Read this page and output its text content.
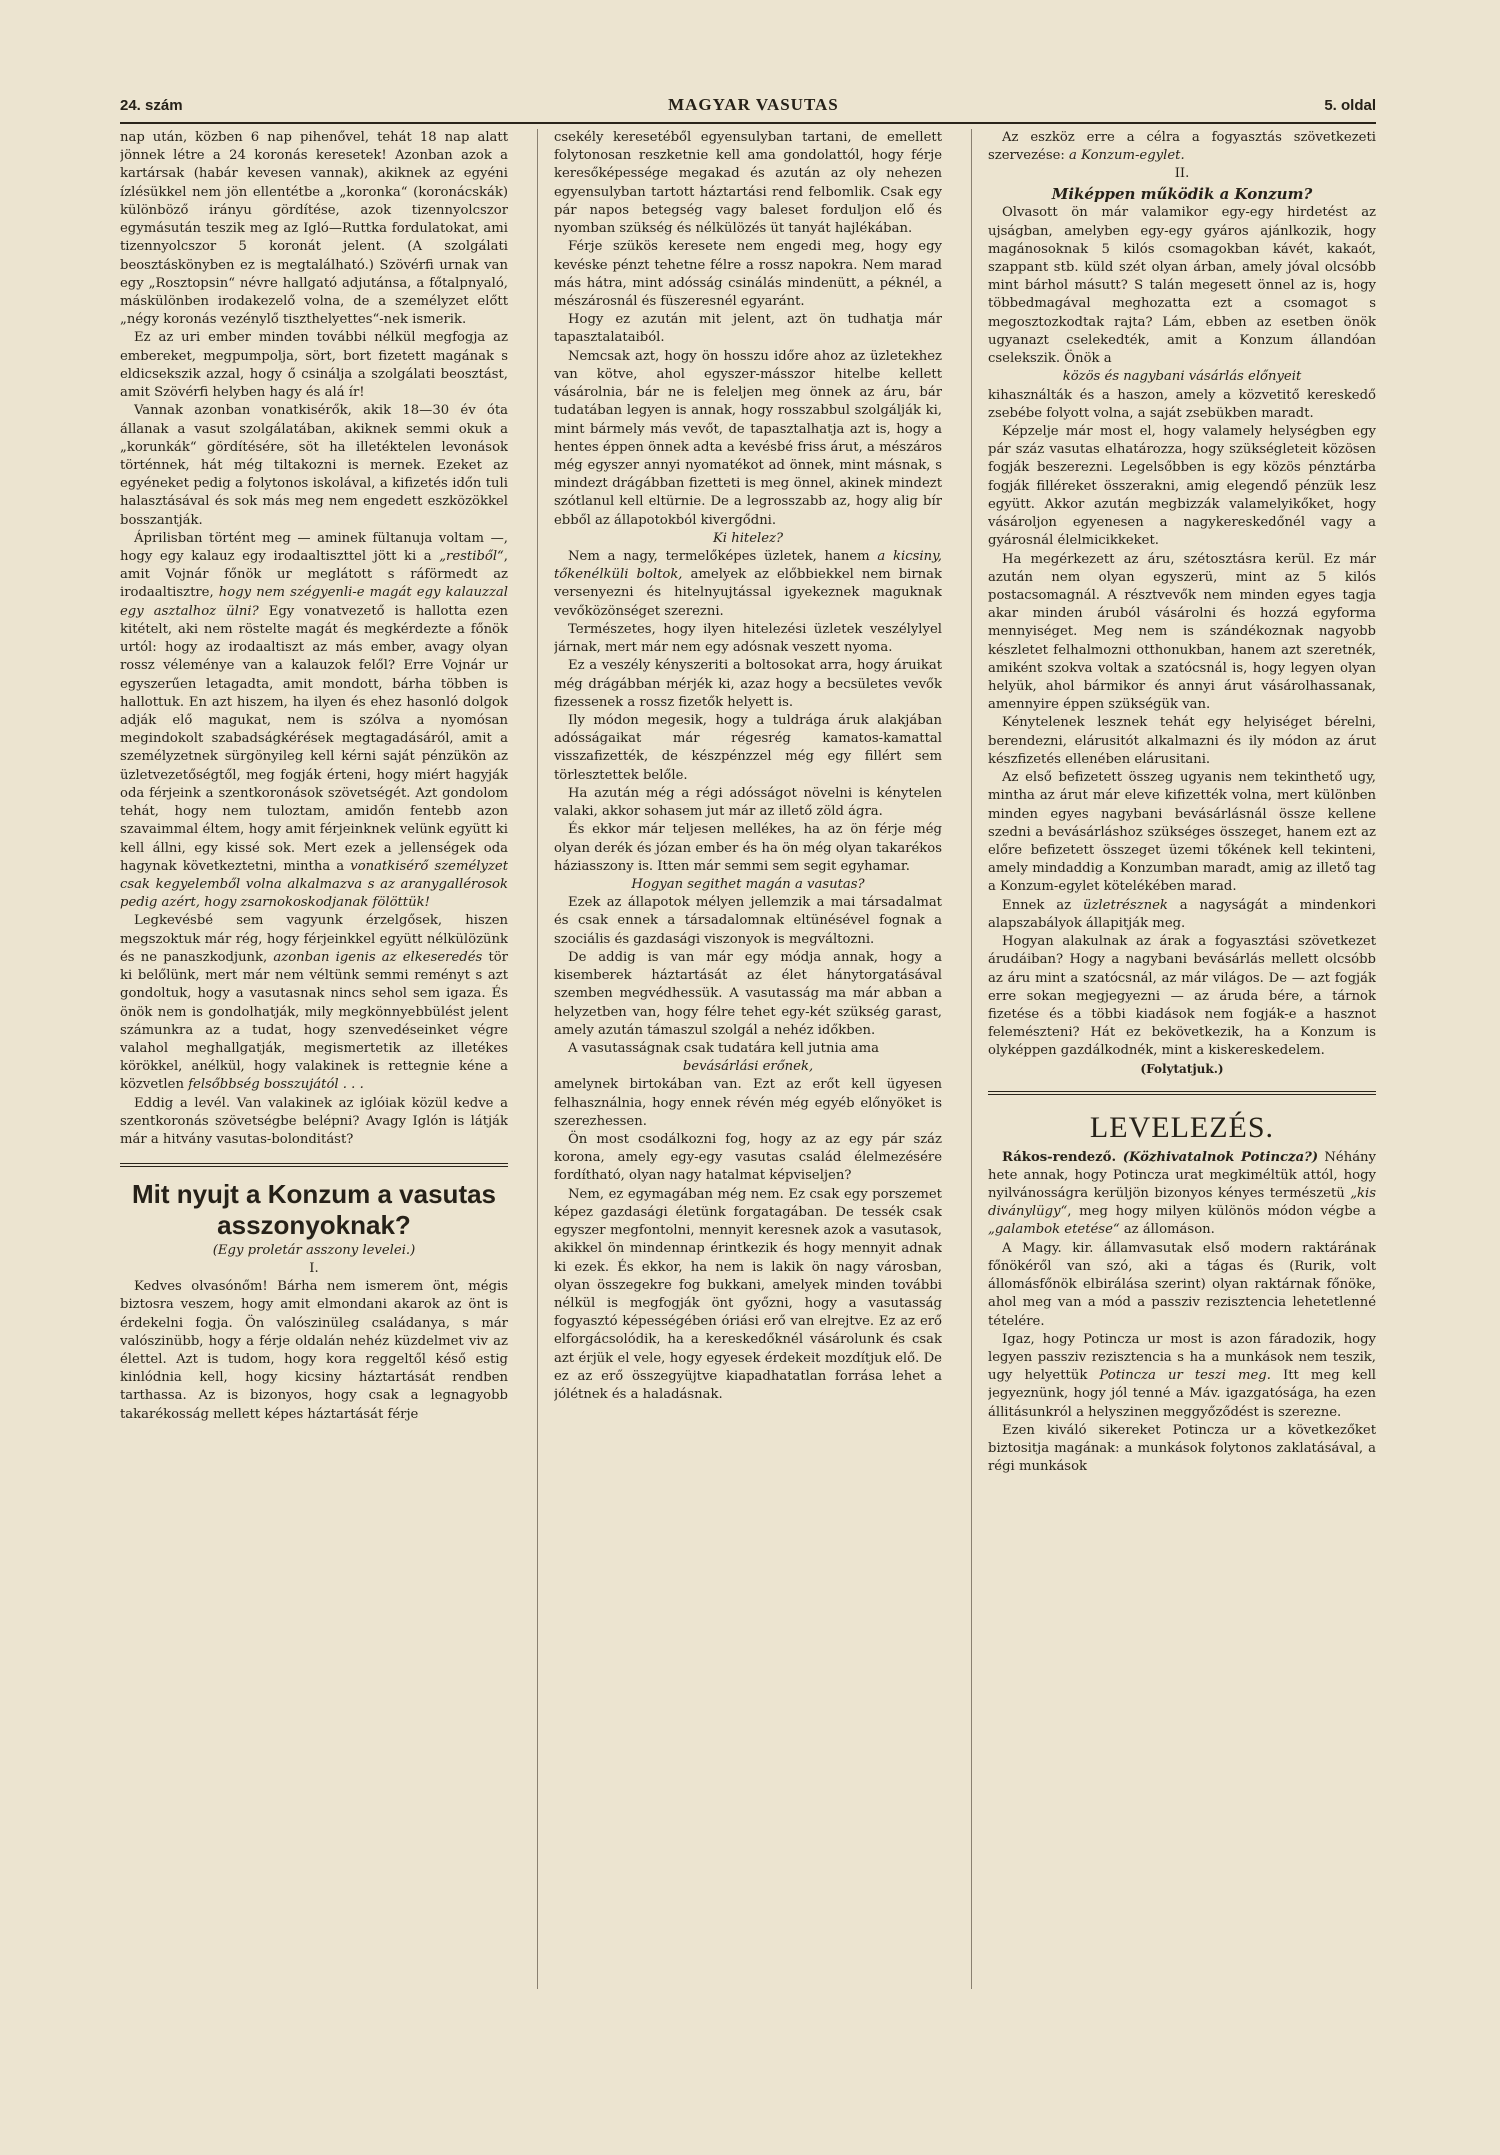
24. szám	MAGYAR VASUTAS	5. oldal

nap után, közben 6 nap pihenővel, tehát 18 nap alatt jönnek létre a 24 koronás keresetek! Azonban azok a kartársak (habár kevesen vannak), akiknek az egyéni ízlésükkel nem jön ellentétbe a „koronka“ (koronácskák) különböző irányu gördítése, azok tizennyolcszor egymásután teszik meg az Igló—Ruttka fordulatokat, ami tizennyolcszor 5 koronát jelent. (A szolgálati beosztáskönyben ez is megtalálható.) Szövérfi urnak van egy „Rosztopsin“ névre hallgató adjutánsa, a főtalpnyaló, máskülönben irodakezelő volna, de a személyzet előtt „négy koronás vezénylő tiszthelyettes“-nek ismerik.

Ez az uri ember minden további nélkül megfogja az embereket, megpumpolja, sört, bort fizetett magának s eldicsekszik azzal, hogy ő csinálja a szolgálati beosztást, amit Szövérfi helyben hagy és alá ír!

Vannak azonban vonatkisérők, akik 18—30 év óta állanak a vasut szolgálatában, akiknek semmi okuk a „korunkák“ gördítésére, söt ha illetéktelen levonások történnek, hát még tiltakozni is mernek. Ezeket az egyéneket pedig a folytonos iskolával, a kifizetés időn tuli halasztásával és sok más meg nem engedett eszközökkel bosszantják.

Áprilisban történt meg — aminek fültanuja voltam —, hogy egy kalauz egy irodaaltiszttel jött ki a „restiből“, amit Vojnár főnök ur meglátott s ráförmedt az irodaaltisztre, hogy nem szégyenli-e magát egy kalauzzal egy asztalhoz ülni? Egy vonatvezető is hallotta ezen kitételt, aki nem röstelte magát és megkérdezte a főnök urtól: hogy az irodaaltiszt az más ember, avagy olyan rossz véleménye van a kalauzok felől? Erre Vojnár ur egyszerűen letagadta, amit mondott, bárha többen is hallottuk. En azt hiszem, ha ilyen és ehez hasonló dolgok adják elő magukat, nem is szólva a nyomósan megindokolt szabadságkérések megtagadásáról, amit a személyzetnek sürgönyileg kell kérni saját pénzükön az üzletvezetőségtől, meg fogják érteni, hogy miért hagyják oda férjeink a szentkoronások szövetségét. Azt gondolom tehát, hogy nem tuloztam, amidőn fentebb azon szavaimmal éltem, hogy amit férjeinknek velünk együtt ki kell állni, egy kissé sok. Mert ezek a jellenségek oda hagynak következtetni, mintha a vonatkisérő személyzet csak kegyelemből volna alkalmazva s az aranygallérosok pedig azért, hogy zsarnokoskodjanak fölöttük!

Legkevésbé sem vagyunk érzelgősek, hiszen megszoktuk már rég, hogy férjeinkkel együtt nélkülözünk és ne panaszkodjunk, azonban igenis az elkeseredés tör ki belőlünk, mert már nem véltünk semmi reményt s azt gondoltuk, hogy a vasutasnak nincs sehol sem igaza. És önök nem is gondolhatják, mily megkönnyebbülést jelent számunkra az a tudat, hogy szenvedéseinket végre valahol meghallgatják, megismertetik az illetékes körökkel, anélkül, hogy valakinek is rettegnie kéne a közvetlen felsőbbség bosszujától . . .

Eddig a levél. Van valakinek az iglóiak közül kedve a szentkoronás szövetségbe belépni? Avagy Iglón is látják már a hitvány vasutas-bolonditást?

Mit nyujt a Konzum a vasutas asszonyoknak?

(Egy proletár asszony levelei.)

I.

Kedves olvasónőm! Bárha nem ismerem önt, mégis biztosra veszem, hogy amit elmondani akarok az önt is érdekelni fogja. Ön valószinüleg családanya, s már valószinübb, hogy a férje oldalán nehéz küzdelmet viv az élettel. Azt is tudom, hogy kora reggeltől késő estig kinlódnia kell, hogy kicsiny háztartását rendben tarthassa. Az is bizonyos, hogy csak a legnagyobb takarékosság mellett képes háztartását férje

csekély keresetéből egyensulyban tartani, de emellett folytonosan reszketnie kell ama gondolattól, hogy férje keresőképessége megakad és azután az oly nehezen egyensulyban tartott háztartási rend felbomlik. Csak egy pár napos betegség vagy baleset forduljon elő és nyomban szükség és nélkülözés üt tanyát hajlékában.

Férje szükös keresete nem engedi meg, hogy egy kevéske pénzt tehetne félre a rossz napokra. Nem marad más hátra, mint adósság csinálás mindenütt, a péknél, a mészárosnál és füszeresnél egyaránt.

Hogy ez azután mit jelent, azt ön tudhatja már tapasztalataiból.

Nemcsak azt, hogy ön hosszu időre ahoz az üzletekhez van kötve, ahol egyszer-másszor hitelbe kellett vásárolnia, bár ne is feleljen meg önnek az áru, bár tudatában legyen is annak, hogy rosszabbul szolgálják ki, mint bármely más vevőt, de tapasztalhatja azt is, hogy a hentes éppen önnek adta a kevésbé friss árut, a mészáros még egyszer annyi nyomatékot ad önnek, mint másnak, s mindezt drágábban fizetteti is meg önnel, akinek mindezt szótlanul kell eltürnie. De a legrosszabb az, hogy alig bír ebből az állapotokból kivergődni.

Ki hitelez?

Nem a nagy, termelőképes üzletek, hanem a kicsiny, tőkenélküli boltok, amelyek az előbbiekkel nem birnak versenyezni és hitelnyujtással igyekeznek maguknak vevőközönséget szerezni.

Természetes, hogy ilyen hitelezési üzletek veszélylyel járnak, mert már nem egy adósnak veszett nyoma.

Ez a veszély kényszeriti a boltosokat arra, hogy áruikat még drágábban mérjék ki, azaz hogy a becsületes vevők fizessenek a rossz fizetők helyett is.

Ily módon megesik, hogy a tuldrága áruk alakjában adósságaikat már régesrég kamatos-kamattal visszafizették, de készpénzzel még egy fillért sem törlesztettek belőle.

Ha azután még a régi adósságot növelni is kénytelen valaki, akkor sohasem jut már az illető zöld ágra.

És ekkor már teljesen mellékes, ha az ön férje még olyan derék és józan ember és ha ön még olyan takarékos háziasszony is. Itten már semmi sem segit egyhamar.

Hogyan segithet magán a vasutas?

Ezek az állapotok mélyen jellemzik a mai társadalmat és csak ennek a társadalomnak eltünésével fognak a szociális és gazdasági viszonyok is megváltozni.

De addig is van már egy módja annak, hogy a kisemberek háztartását az élet hánytorgatásával szemben megvédhessük. A vasutasság ma már abban a helyzetben van, hogy félre tehet egy-két szükség garast, amely azután támaszul szolgál a nehéz időkben.

A vasutasságnak csak tudatára kell jutnia ama

bevásárlási erőnek,

amelynek birtokában van. Ezt az erőt kell ügyesen felhasználnia, hogy ennek révén még egyéb előnyöket is szerezhessen.

Ön most csodálkozni fog, hogy az az egy pár száz korona, amely egy-egy vasutas család élelmezésére fordítható, olyan nagy hatalmat képviseljen?

Nem, ez egymagában még nem. Ez csak egy porszemet képez gazdasági életünk forgatagában. De tessék csak egyszer megfontolni, mennyit keresnek azok a vasutasok, akikkel ön mindennap érintkezik és hogy mennyit adnak ki ezek. És ekkor, ha nem is lakik ön nagy városban, olyan összegekre fog bukkani, amelyek minden további nélkül is megfogják önt győzni, hogy a vasutasság fogyasztó képességében óriási erő van elrejtve. Ez az erő elforgácsolódik, ha a kereskedőknél vásárolunk és csak azt érjük el vele, hogy egyesek érdekeit mozdítjuk elő. De ez az erő összegyüjtve kiapadhatatlan forrása lehet a jólétnek és a haladásnak.

Az eszköz erre a célra a fogyasztás szövetkezeti szervezése: a Konzum-egylet.

II.

Miképpen működik a Konzum?

Olvasott ön már valamikor egy-egy hirdetést az ujságban, amelyben egy-egy gyáros ajánlkozik, hogy magánosoknak 5 kilós csomagokban kávét, kakaót, szappant stb. küld szét olyan árban, amely jóval olcsóbb mint bárhol másutt? S talán megesett önnel az is, hogy többedmagával meghozatta ezt a csomagot s megosztozkodtak rajta? Lám, ebben az esetben önök ugyanazt cselekedték, amit a Konzum állandóan cselekszik. Önök a

közös és nagybani vásárlás előnyeit

kihasználták és a haszon, amely a közvetitő kereskedő zsebébe folyott volna, a saját zsebükben maradt.

Képzelje már most el, hogy valamely helységben egy pár száz vasutas elhatározza, hogy szükségleteit közösen fogják beszerezni. Legelsőbben is egy közös pénztárba fogják filléreket összerakni, amig elegendő pénzük lesz együtt. Akkor azután megbizzák valamelyikőket, hogy vásároljon egyenesen a nagykereskedőnél vagy a gyárosnál élelmicikkeket.

Ha megérkezett az áru, szétosztásra kerül. Ez már azután nem olyan egyszerü, mint az 5 kilós postacsomagnál. A résztvevők nem minden egyes tagja akar minden áruból vásárolni és hozzá egyforma mennyiséget. Meg nem is szándékoznak nagyobb készletet felhalmozni otthonukban, hanem azt szeretnék, amiként szokva voltak a szatócsnál is, hogy legyen olyan helyük, ahol bármikor és annyi árut vásárolhassanak, amennyire éppen szükségük van.

Kénytelenek lesznek tehát egy helyiséget bérelni, berendezni, elárusitót alkalmazni és ily módon az árut készfizetés ellenében elárusitani.

Az első befizetett összeg ugyanis nem tekinthető ugy, mintha az árut már eleve kifizették volna, mert különben minden egyes nagybani bevásárlásnál össze kellene szedni a bevásárláshoz szükséges összeget, hanem ezt az előre befizetett összeget üzemi tőkének kell tekinteni, amely mindaddig a Konzumban maradt, amig az illető tag a Konzum-egylet kötelékében marad.

Ennek az üzletrésznek a nagyságát a mindenkori alapszabályok állapitják meg.

Hogyan alakulnak az árak a fogyasztási szövetkezet árudáiban? Hogy a nagybani bevásárlás mellett olcsóbb az áru mint a szatócsnál, az már világos. De — azt fogják erre sokan megjegyezni — az áruda bére, a tárnok fizetése és a többi kiadások nem fogják-e a hasznot felemészteni? Hát ez bekövetkezik, ha a Konzum is olyképpen gazdálkodnék, mint a kiskereskedelem.

(Folytatjuk.)

LEVELEZÉS.

Rákos-rendező. (Közhivatalnok Potincza?) Néhány hete annak, hogy Potincza urat megkiméltük attól, hogy nyilvánosságra kerüljön bizonyos kényes természetü „kis diványlügy“, meg hogy milyen különös módon végbe a „galambok etetése“ az állomáson.

A Magy. kir. államvasutak első modern raktárának főnökéről van szó, aki a tágas és (Rurik, volt állomásfőnök elbirálása szerint) olyan raktárnak főnöke, ahol meg van a mód a passziv rezisztencia lehetetlenné tételére.

Igaz, hogy Potincza ur most is azon fáradozik, hogy legyen passziv rezisztencia s ha a munkások nem teszik, ugy helyettük Potincza ur teszi meg. Itt meg kell jegyeznünk, hogy jól tenné a Máv. igazgatósága, ha ezen állitásunkról a helyszinen meggyőződést is szerezne.

Ezen kiváló sikereket Potincza ur a következőket biztositja magának: a munkások folytonos zaklatásával, a régi munkások
